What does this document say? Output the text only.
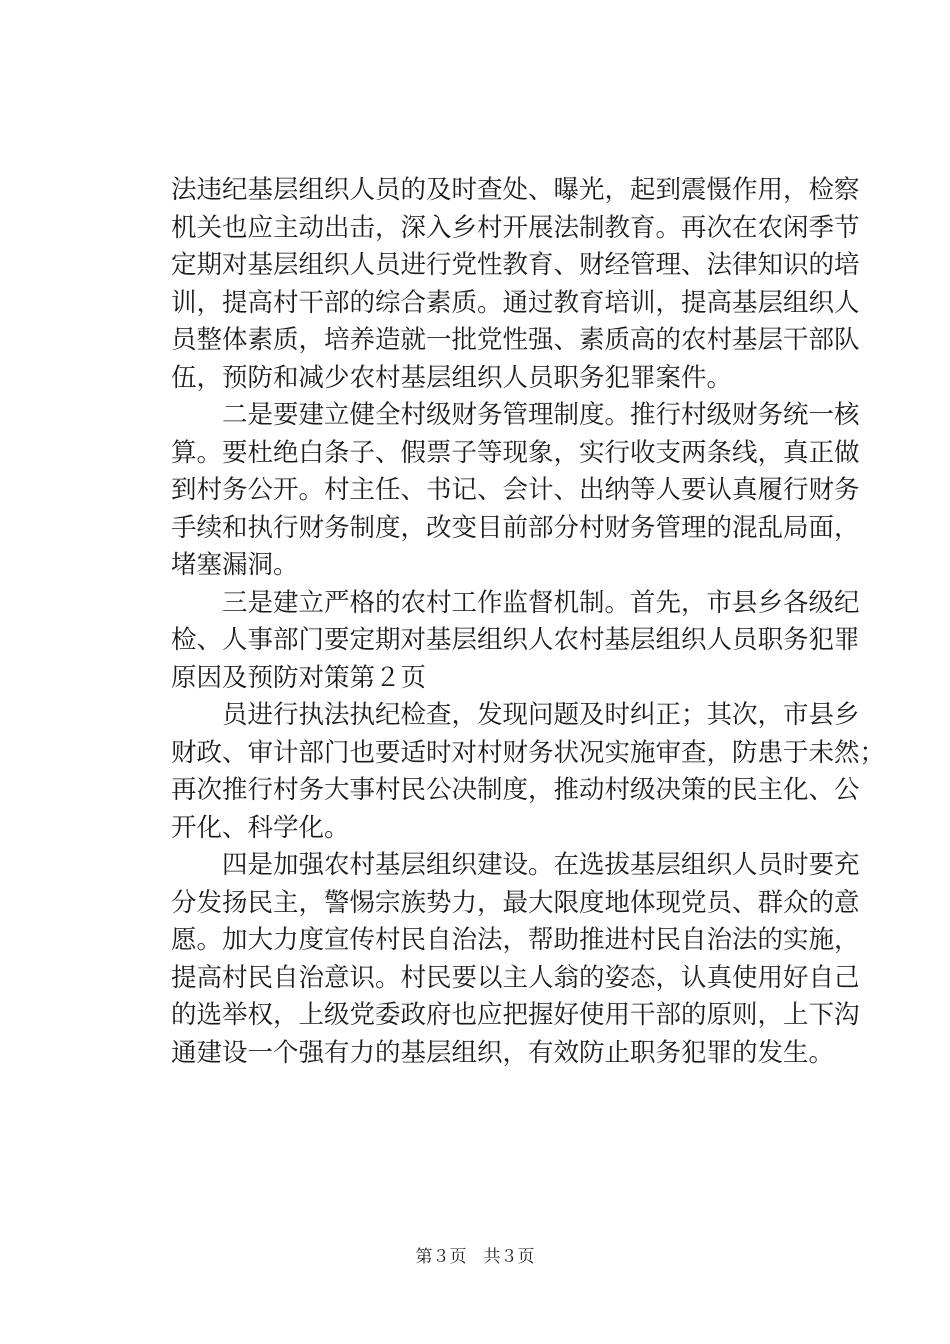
法违纪基层组织人员的及时查处、曝光，起到震慑作用，检察
机关也应主动出击，深入乡村开展法制教育。再次在农闲季节
定期对基层组织人员进行党性教育、财经管理、法律知识的培
训，提高村干部的综合素质。通过教育培训，提高基层组织人
员整体素质，培养造就一批党性强、素质高的农村基层干部队
伍，预防和减少农村基层组织人员职务犯罪案件。
　　二是要建立健全村级财务管理制度。推行村级财务统一核
算。要杜绝白条子、假票子等现象，实行收支两条线，真正做
到村务公开。村主任、书记、会计、出纳等人要认真履行财务
手续和执行财务制度，改变目前部分村财务管理的混乱局面，
堵塞漏洞。
　　三是建立严格的农村工作监督机制。首先，市县乡各级纪
检、人事部门要定期对基层组织人农村基层组织人员职务犯罪
原因及预防对策第２页
　　员进行执法执纪检查，发现问题及时纠正；其次，市县乡
财政、审计部门也要适时对村财务状况实施审查，防患于未然；
再次推行村务大事村民公决制度，推动村级决策的民主化、公
开化、科学化。
　　四是加强农村基层组织建设。在选拔基层组织人员时要充
分发扬民主，警惕宗族势力，最大限度地体现党员、群众的意
愿。加大力度宣传村民自治法，帮助推进村民自治法的实施，
提高村民自治意识。村民要以主人翁的姿态，认真使用好自己
的选举权，上级党委政府也应把握好使用干部的原则，上下沟
通建设一个强有力的基层组织，有效防止职务犯罪的发生。
第３页　共３页
